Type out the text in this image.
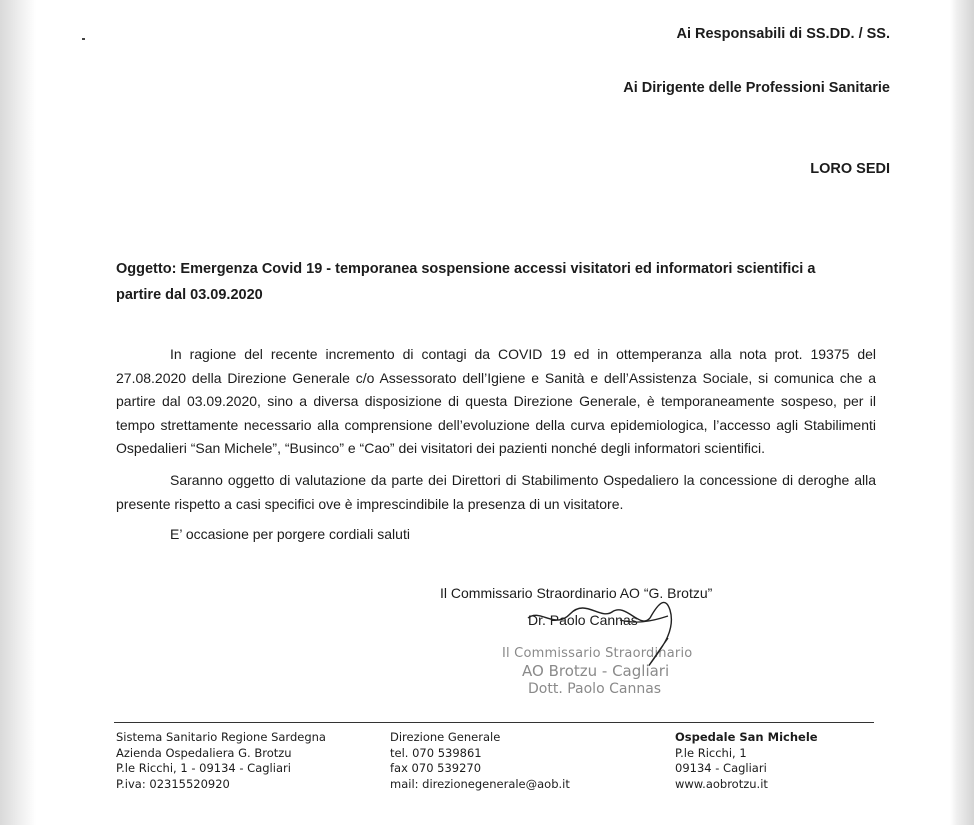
Ai Responsabili di SS.DD. / SS.
Ai Dirigente delle Professioni Sanitarie
LORO SEDI
Oggetto: Emergenza Covid 19 - temporanea sospensione accessi visitatori ed informatori scientifici a
partire dal 03.09.2020

In ragione del recente incremento di contagi da COVID 19 ed in ottemperanza alla nota prot. 19375 del 27.08.2020 della Direzione Generale c/o Assessorato dell’Igiene e Sanità e dell’Assistenza Sociale, si comunica che a partire dal 03.09.2020, sino a diversa disposizione di questa Direzione Generale, è temporaneamente sospeso, per il tempo strettamente necessario alla comprensione dell’evoluzione della curva epidemiologica, l’accesso agli Stabilimenti Ospedalieri “San Michele”, “Businco” e “Cao” dei visitatori dei pazienti nonché degli informatori scientifici.

Saranno oggetto di valutazione da parte dei Direttori di Stabilimento Ospedaliero la concessione di deroghe alla presente rispetto a casi specifici ove è imprescindibile la presenza di un visitatore.

E’ occasione per porgere cordiali saluti

Il Commissario Straordinario AO “G. Brotzu”
Dr. Paolo Cannas
Il Commissario Straordinario
AO Brotzu - Cagliari
Dott. Paolo Cannas
Sistema Sanitario Regione Sardegna
Azienda Ospedaliera G. Brotzu
P.le Ricchi, 1 - 09134 - Cagliari
P.iva: 02315520920
Direzione Generale
tel. 070 539861
fax 070 539270
mail: direzionegenerale@aob.it
Ospedale San Michele
P.le Ricchi, 1
09134 - Cagliari
www.aobrotzu.it
